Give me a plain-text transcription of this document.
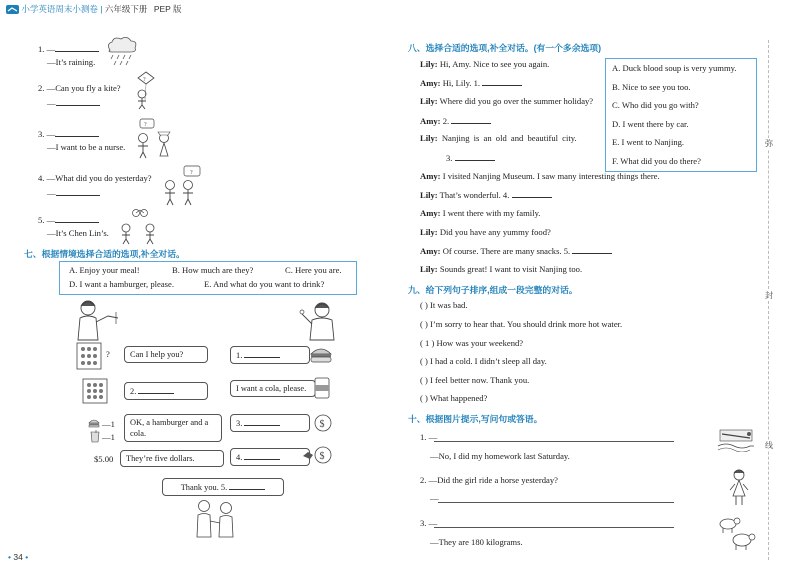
小学英语周末小测卷 | 六年级下册 PEP 版
1. —
—It’s raining.
2. —Can you fly a kite?
—
?
3. —
—I want to be a nurse.
?
4. —What did you do yesterday?
—
?
5. —
—It’s Chen Lin’s.
七、根据情境选择合适的选项,补全对话。
A. Enjoy your meal!	B. How much are they?	C. Here you are.
D. I want a hamburger, please.	E. And what do you want to drink?
?
—1
—1
$5.00
Can I help you?
2.
OK, a hamburger and a cola.
They’re five dollars.
1.
I want a cola, please.
3.
4.
$
$
Thank you. 5.
• 34 •
八、选择合适的选项,补全对话。(有一个多余选项)
Lily: Hi, Amy. Nice to see you again.
Amy: Hi, Lily. 1.
Lily: Where did you go over the summer holiday?
Amy: 2.
Lily: Nanjing is an old and beautiful city.
3.
Amy: I visited Nanjing Museum. I saw many interesting things there.
Lily: That’s wonderful. 4.
Amy: I went there with my family.
Lily: Did you have any yummy food?
Amy: Of course. There are many snacks. 5.
Lily: Sounds great! I want to visit Nanjing too.
A. Duck blood soup is very yummy.
B. Nice to see you too.
C. Who did you go with?
D. I went there by car.
E. I went to Nanjing.
F. What did you do there?
九、给下列句子排序,组成一段完整的对话。
( ) It was bad.
( ) I’m sorry to hear that. You should drink more hot water.
( 1 ) How was your weekend?
( ) I had a cold. I didn’t sleep all day.
( ) I feel better now. Thank you.
( ) What happened?
十、根据图片提示,写问句或答语。
1. —
—No, I did my homework last Saturday.
2. —Did the girl ride a horse yesterday?
—
3. —
—They are 180 kilograms.
弥
封
线
